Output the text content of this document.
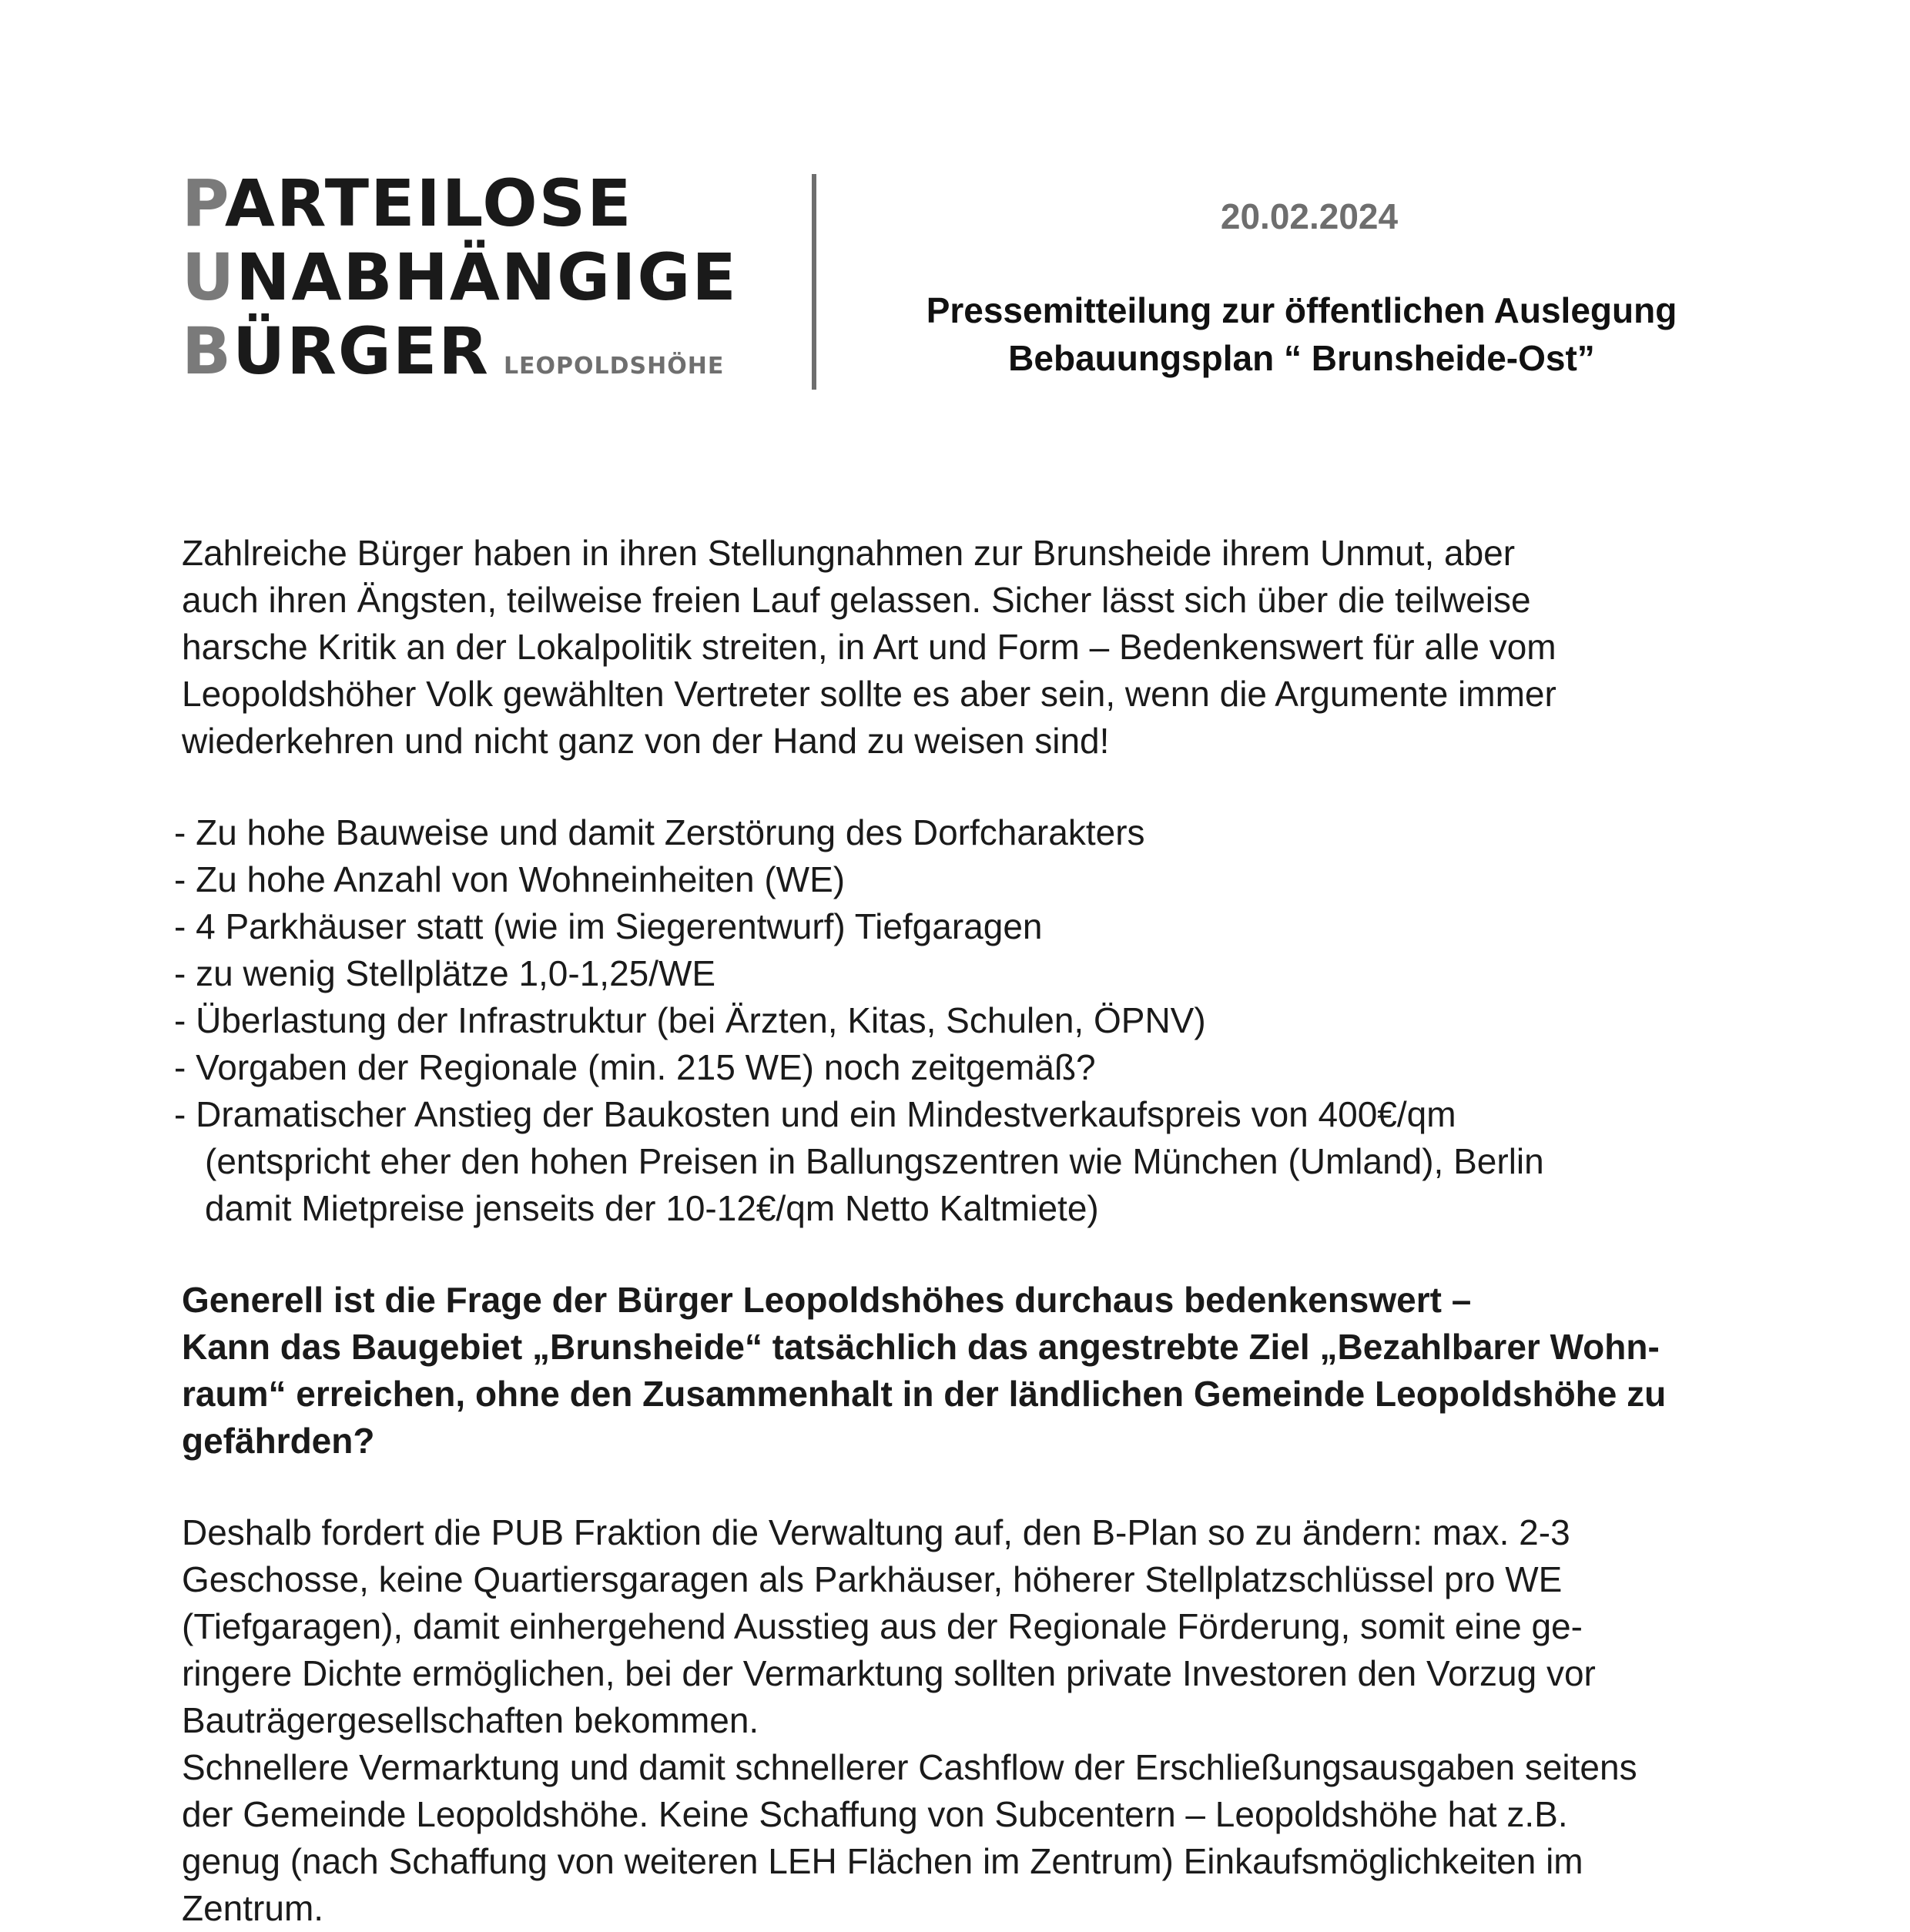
PARTEILOSE
UNABHÄNGIGE
BÜRGER LEOPOLDSHÖHE
20.02.2024
Pressemitteilung zur öffentlichen Auslegung
Bebauungsplan “ Brunsheide-Ost”
Zahlreiche Bürger haben in ihren Stellungnahmen zur Brunsheide ihrem Unmut, aber
auch ihren Ängsten, teilweise freien Lauf gelassen. Sicher lässt sich über die teilweise
harsche Kritik an der Lokalpolitik streiten, in Art und Form – Bedenkenswert für alle vom
Leopoldshöher Volk gewählten Vertreter sollte es aber sein, wenn die Argumente immer
wiederkehren und nicht ganz von der Hand zu weisen sind!
- Zu hohe Bauweise und damit Zerstörung des Dorfcharakters
- Zu hohe Anzahl von Wohneinheiten (WE)
- 4 Parkhäuser statt (wie im Siegerentwurf) Tiefgaragen
- zu wenig Stellplätze 1,0-1,25/WE
- Überlastung der Infrastruktur (bei Ärzten, Kitas, Schulen, ÖPNV)
- Vorgaben der Regionale (min. 215 WE) noch zeitgemäß?
- Dramatischer Anstieg der Baukosten und ein Mindestverkaufspreis von 400€/qm
(entspricht eher den hohen Preisen in Ballungszentren wie München (Umland), Berlin
damit Mietpreise jenseits der 10-12€/qm Netto Kaltmiete)
Generell ist die Frage der Bürger Leopoldshöhes durchaus bedenkenswert –
Kann das Baugebiet „Brunsheide“ tatsächlich das angestrebte Ziel „Bezahlbarer Wohn-
raum“ erreichen, ohne den Zusammenhalt in der ländlichen Gemeinde Leopoldshöhe zu
gefährden?
Deshalb fordert die PUB Fraktion die Verwaltung auf, den B-Plan so zu ändern: max. 2-3
Geschosse, keine Quartiersgaragen als Parkhäuser, höherer Stellplatzschlüssel pro WE
(Tiefgaragen), damit einhergehend Ausstieg aus der Regionale Förderung, somit eine ge-
ringere Dichte ermöglichen, bei der Vermarktung sollten private Investoren den Vorzug vor
Bauträgergesellschaften bekommen.
Schnellere Vermarktung und damit schnellerer Cashflow der Erschließungsausgaben seitens
der Gemeinde Leopoldshöhe. Keine Schaffung von Subcentern – Leopoldshöhe hat z.B.
genug (nach Schaffung von weiteren LEH Flächen im Zentrum) Einkaufsmöglichkeiten im
Zentrum.
